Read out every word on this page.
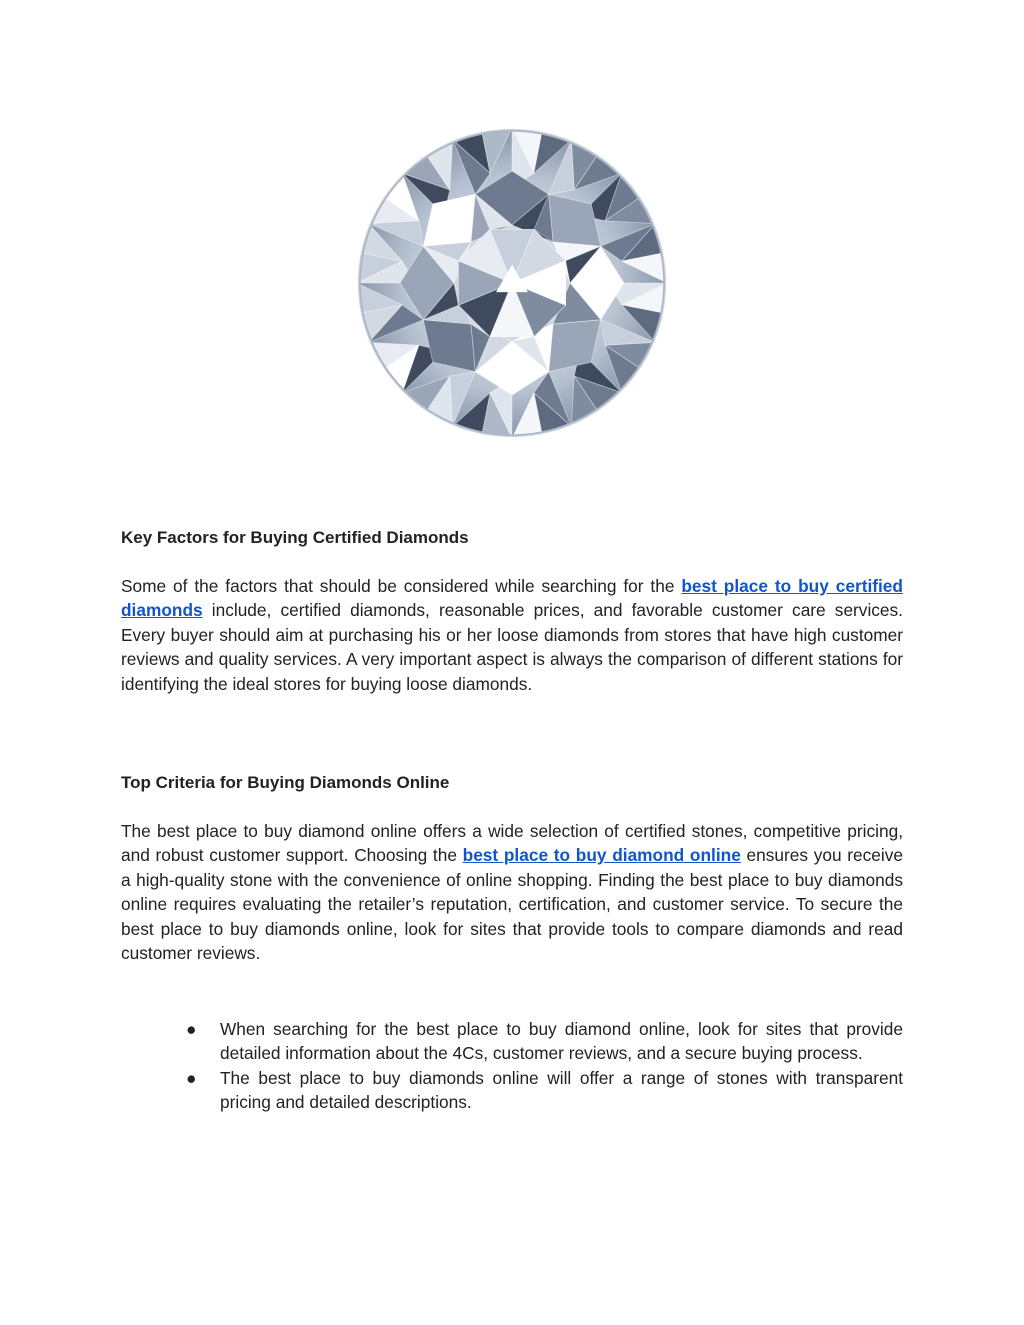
Key Factors for Buying Certified Diamonds

Some of the factors that should be considered while searching for the best place to buy certified diamonds include, certified diamonds, reasonable prices, and favorable customer care services. Every buyer should aim at purchasing his or her loose diamonds from stores that have high customer reviews and quality services. A very important aspect is always the comparison of different stations for identifying the ideal stores for buying loose diamonds.

Top Criteria for Buying Diamonds Online

The best place to buy diamond online offers a wide selection of certified stones, competitive pricing, and robust customer support. Choosing the best place to buy diamond online ensures you receive a high-quality stone with the convenience of online shopping. Finding the best place to buy diamonds online requires evaluating the retailer’s reputation, certification, and customer service. To secure the best place to buy diamonds online, look for sites that provide tools to compare diamonds and read customer reviews.

●	When searching for the best place to buy diamond online, look for sites that provide detailed information about the 4Cs, customer reviews, and a secure buying process.
●	The best place to buy diamonds online will offer a range of stones with transparent pricing and detailed descriptions.
